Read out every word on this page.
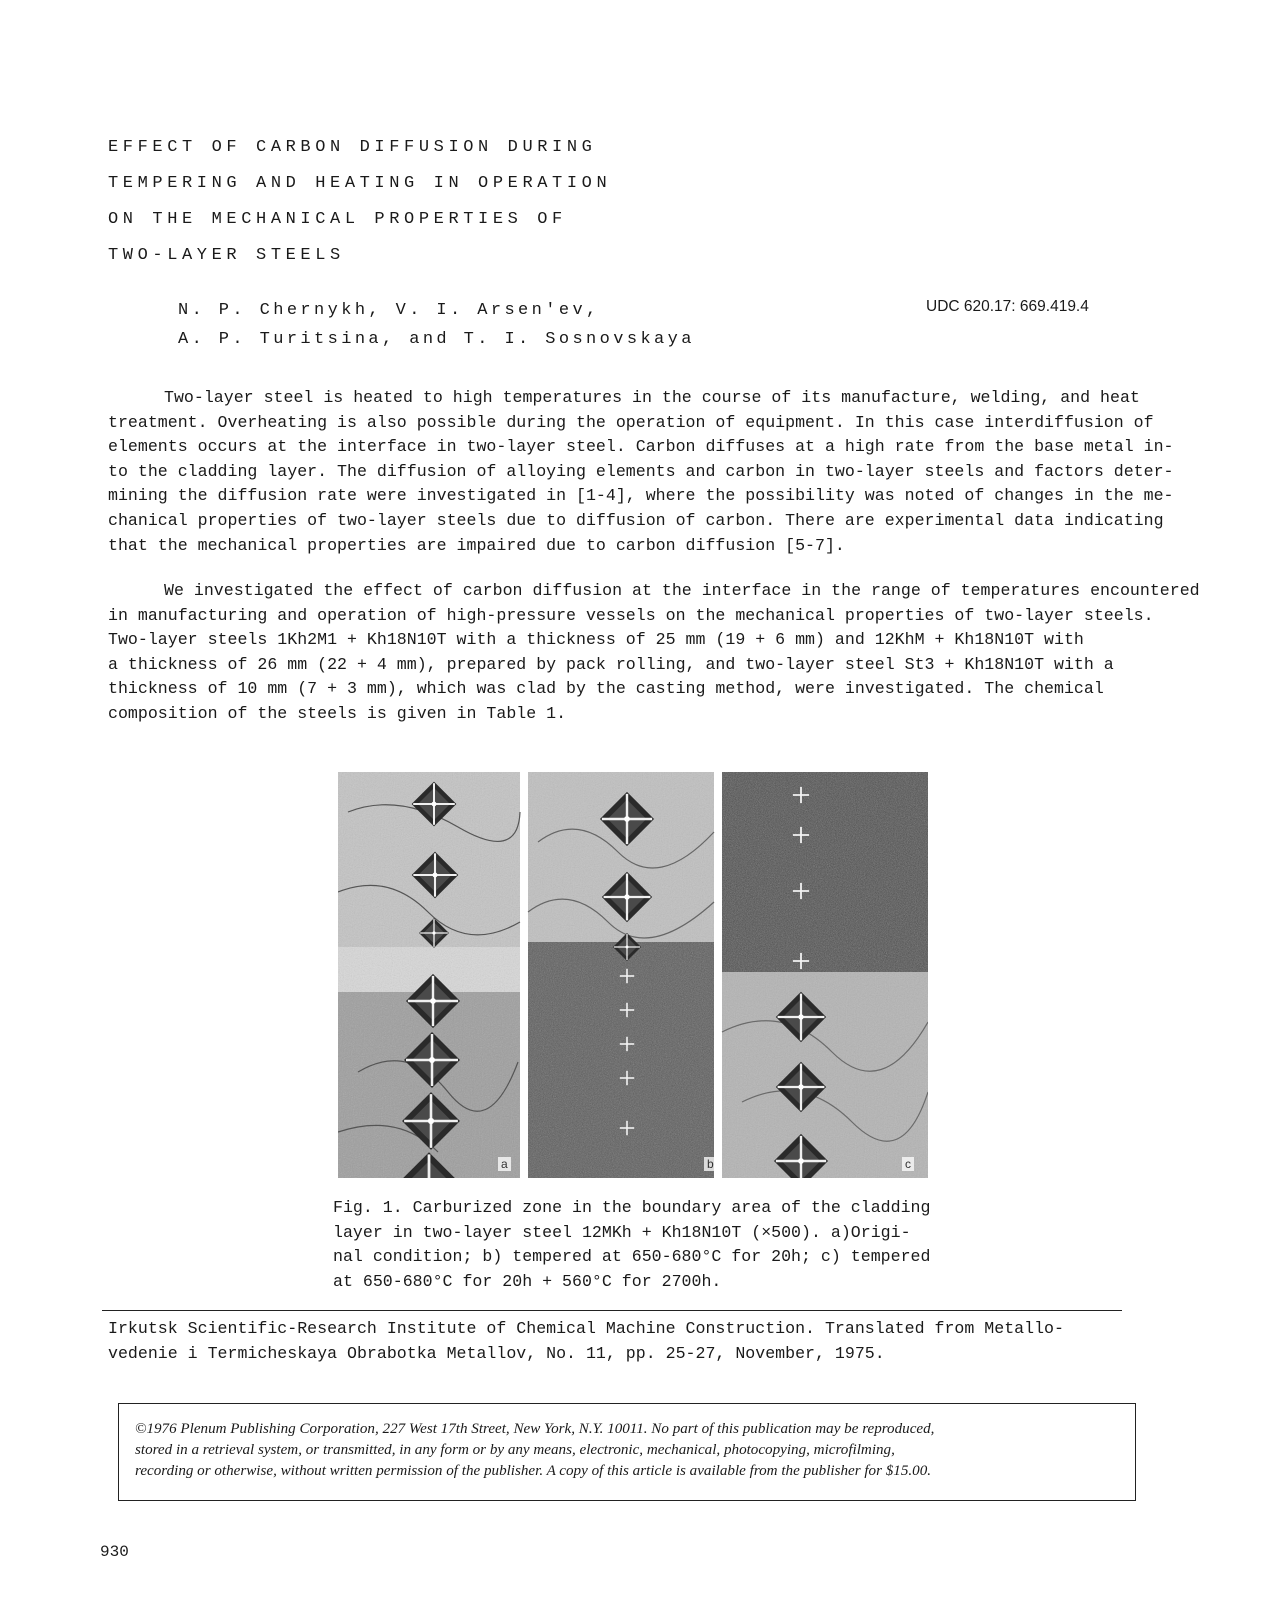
EFFECT OF CARBON DIFFUSION DURING
TEMPERING AND HEATING IN OPERATION
ON THE MECHANICAL PROPERTIES OF
TWO-LAYER STEELS
N. P. Chernykh, V. I. Arsen'ev,
A. P. Turitsina, and T. I. Sosnovskaya
UDC 620.17: 669.419.4
Two-layer steel is heated to high temperatures in the course of its manufacture, welding, and heat
treatment. Overheating is also possible during the operation of equipment. In this case interdiffusion of
elements occurs at the interface in two-layer steel. Carbon diffuses at a high rate from the base metal in-
to the cladding layer. The diffusion of alloying elements and carbon in two-layer steels and factors deter-
mining the diffusion rate were investigated in [1-4], where the possibility was noted of changes in the me-
chanical properties of two-layer steels due to diffusion of carbon. There are experimental data indicating
that the mechanical properties are impaired due to carbon diffusion [5-7].
We investigated the effect of carbon diffusion at the interface in the range of temperatures encountered
in manufacturing and operation of high-pressure vessels on the mechanical properties of two-layer steels.
Two-layer steels 1Kh2M1 + Kh18N10T with a thickness of 25 mm (19 + 6 mm) and 12KhM + Kh18N10T with
a thickness of 26 mm (22 + 4 mm), prepared by pack rolling, and two-layer steel St3 + Kh18N10T with a
thickness of 10 mm (7 + 3 mm), which was clad by the casting method, were investigated. The chemical
composition of the steels is given in Table 1.
a	b	c
Fig. 1. Carburized zone in the boundary area of the cladding
layer in two-layer steel 12MKh + Kh18N10T (×500). a)Origi-
nal condition; b) tempered at 650-680°C for 20h; c) tempered
at 650-680°C for 20h + 560°C for 2700h.
Irkutsk Scientific-Research Institute of Chemical Machine Construction. Translated from Metallo-
vedenie i Termicheskaya Obrabotka Metallov, No. 11, pp. 25-27, November, 1975.
©1976 Plenum Publishing Corporation, 227 West 17th Street, New York, N.Y. 10011. No part of this publication may be reproduced,
stored in a retrieval system, or transmitted, in any form or by any means, electronic, mechanical, photocopying, microfilming,
recording or otherwise, without written permission of the publisher. A copy of this article is available from the publisher for $15.00.
930
